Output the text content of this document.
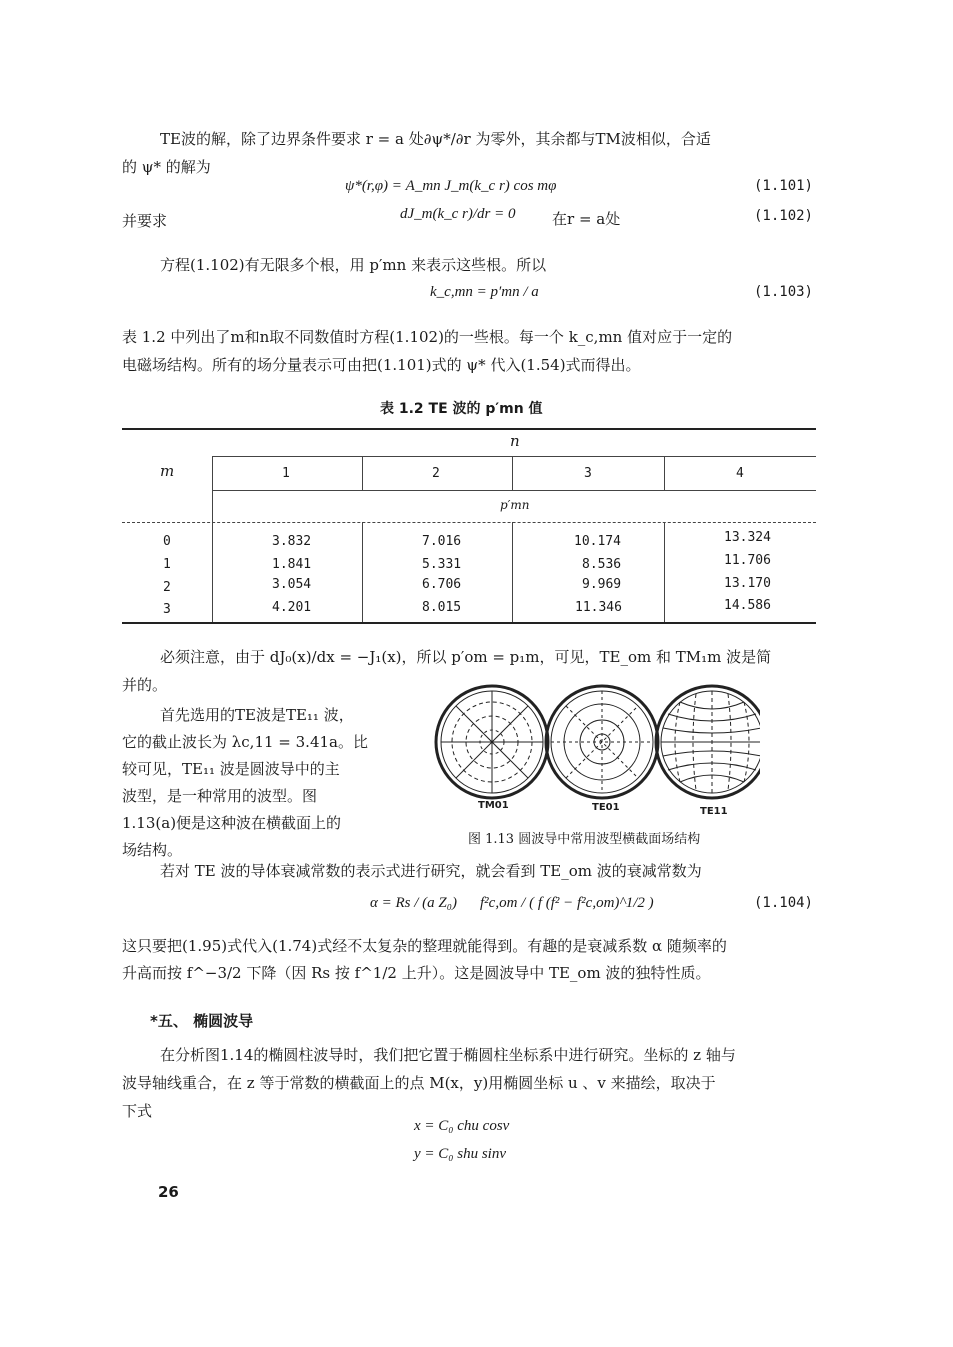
TE波的解，除了边界条件要求 r = a 处∂ψ*/∂r 为零外，其余都与TM波相似，合适
的 ψ* 的解为
ψ*(r,φ) = A_mn J_m(k_c r) cos mφ	(1.101)
并要求	dJ_m(k_c r)/dr = 0 在r = a处	(1.102)
方程(1.102)有无限多个根，用 p′mn 来表示这些根。所以
k_c,mn = p′mn / a	(1.103)
表 1.2 中列出了m和n取不同数值时方程(1.102)的一些根。每一个 k_c,mn 值对应于一定的
电磁场结构。所有的场分量表示可由把(1.101)式的 ψ* 代入(1.54)式而得出。
表 1.2 TE 波的 p′mn 值
m
n
1	2	3	4
p′mn
0	3.832	7.016	10.174	13.324
1	1.841	5.331	8.536	11.706
2	3.054	6.706	9.969	13.170
3	4.201	8.015	11.346	14.586
必须注意，由于 dJ₀(x)/dx = −J₁(x)，所以 p′om = p₁m，可见，TE_om 和 TM₁m 波是简
并的。
首先选用的TE波是TE₁₁ 波，
它的截止波长为 λc,11 = 3.41a。比
较可见，TE₁₁ 波是圆波导中的主
波型，是一种常用的波型。图
1.13(a)便是这种波在横截面上的
场结构。
TM01	TE01	TE11
图 1.13 圆波导中常用波型横截面场结构
若对 TE 波的导体衰减常数的表示式进行研究，就会看到 TE_om 波的衰减常数为
α = Rs / (a Z₀) f²c,om / ( f (f² − f²c,om)^1/2 )	(1.104)
这只要把(1.95)式代入(1.74)式经不太复杂的整理就能得到。有趣的是衰减系数 α 随频率的
升高而按 f^−3/2 下降（因 Rs 按 f^1/2 上升）。这是圆波导中 TE_om 波的独特性质。
*五、 椭圆波导
在分析图1.14的椭圆柱波导时，我们把它置于椭圆柱坐标系中进行研究。坐标的 z 轴与
波导轴线重合，在 z 等于常数的横截面上的点 M(x，y)用椭圆坐标 u 、v 来描绘，取决于
下式
x = C₀ chu cosv
y = C₀ shu sinv
26
